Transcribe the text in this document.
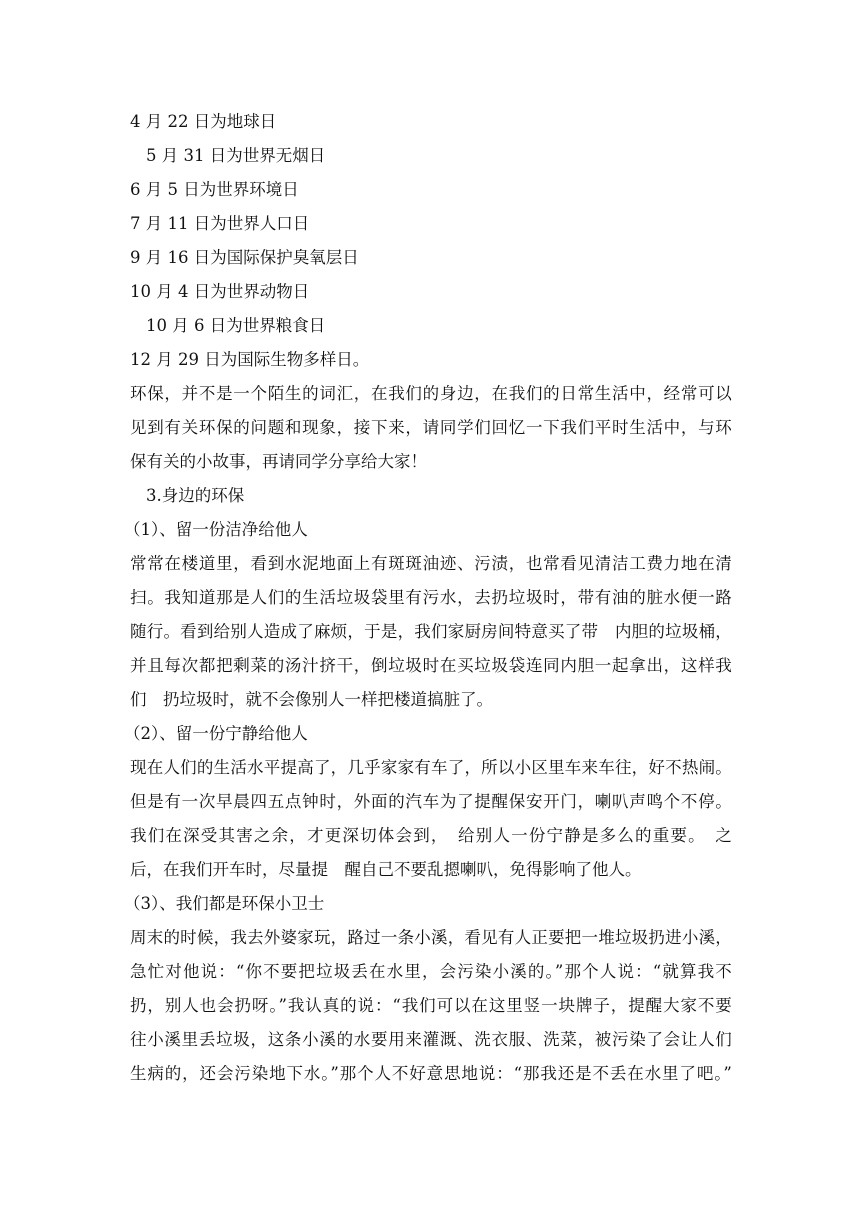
4 月 22 日为地球日
5 月 31 日为世界无烟日
6 月 5 日为世界环境日
7 月 11 日为世界人口日
9 月 16 日为国际保护臭氧层日
10 月 4 日为世界动物日
10 月 6 日为世界粮食日
12 月 29 日为国际生物多样日。
环保，并不是一个陌生的词汇，在我们的身边，在我们的日常生活中，经常可以
见到有关环保的问题和现象，接下来，请同学们回忆一下我们平时生活中，与环
保有关的小故事，再请同学分享给大家！
3.身边的环保
（1）、留一份洁净给他人
常常在楼道里，看到水泥地面上有斑斑油迹、污渍，也常看见清洁工费力地在清
扫。我知道那是人们的生活垃圾袋里有污水，去扔垃圾时，带有油的脏水便一路
随行。看到给别人造成了麻烦，于是，我们家厨房间特意买了带　内胆的垃圾桶，
并且每次都把剩菜的汤汁挤干，倒垃圾时在买垃圾袋连同内胆一起拿出，这样我
们　扔垃圾时，就不会像别人一样把楼道搞脏了。
（2）、留一份宁静给他人
现在人们的生活水平提高了，几乎家家有车了，所以小区里车来车往，好不热闹。
但是有一次早晨四五点钟时，外面的汽车为了提醒保安开门，喇叭声鸣个不停。
我们在深受其害之余，才更深切体会到，　给别人一份宁静是多么的重要。　之
后，在我们开车时，尽量提　醒自己不要乱摁喇叭，免得影响了他人。
（3）、我们都是环保小卫士
周末的时候，我去外婆家玩，路过一条小溪，看见有人正要把一堆垃圾扔进小溪，
急忙对他说：“你不要把垃圾丢在水里，会污染小溪的。”那个人说：“就算我不
扔，别人也会扔呀。”我认真的说：“我们可以在这里竖一块牌子，提醒大家不要
往小溪里丢垃圾，这条小溪的水要用来灌溉、洗衣服、洗菜，被污染了会让人们
生病的，还会污染地下水。”那个人不好意思地说：“那我还是不丢在水里了吧。”
